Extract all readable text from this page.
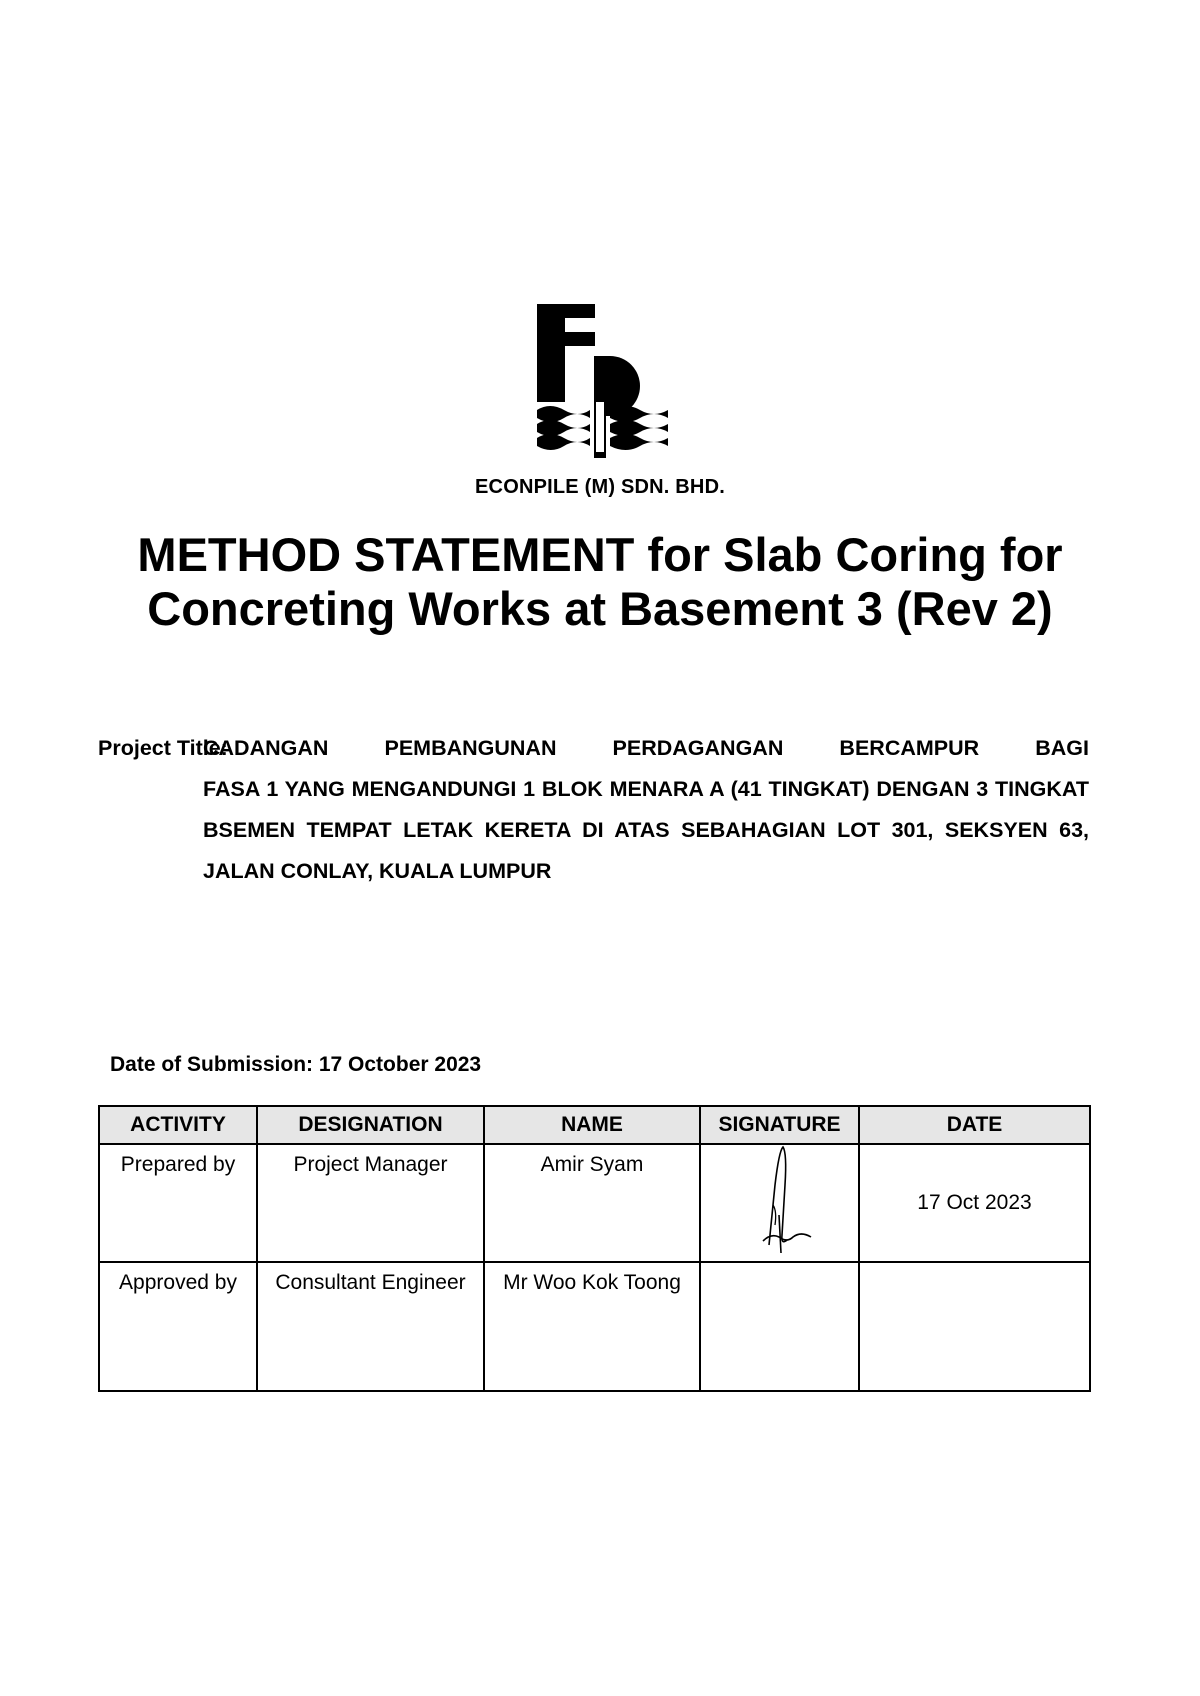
ECONPILE (M) SDN. BHD.
METHOD STATEMENT for Slab Coring for
Concreting Works at Basement 3 (Rev 2)
Project Title:
CADANGAN PEMBANGUNAN PERDAGANGAN BERCAMPUR BAGI
FASA 1 YANG MENGANDUNGI 1 BLOK MENARA A (41 TINGKAT) DENGAN 3 TINGKAT BSEMEN TEMPAT LETAK KERETA DI ATAS SEBAHAGIAN LOT 301, SEKSYEN 63, JALAN CONLAY, KUALA LUMPUR
Date of Submission: 17 October 2023
ACTIVITY	DESIGNATION	NAME	SIGNATURE	DATE
Prepared by	Project Manager	Amir Syam		17 Oct 2023
Approved by	Consultant Engineer	Mr Woo Kok Toong		
